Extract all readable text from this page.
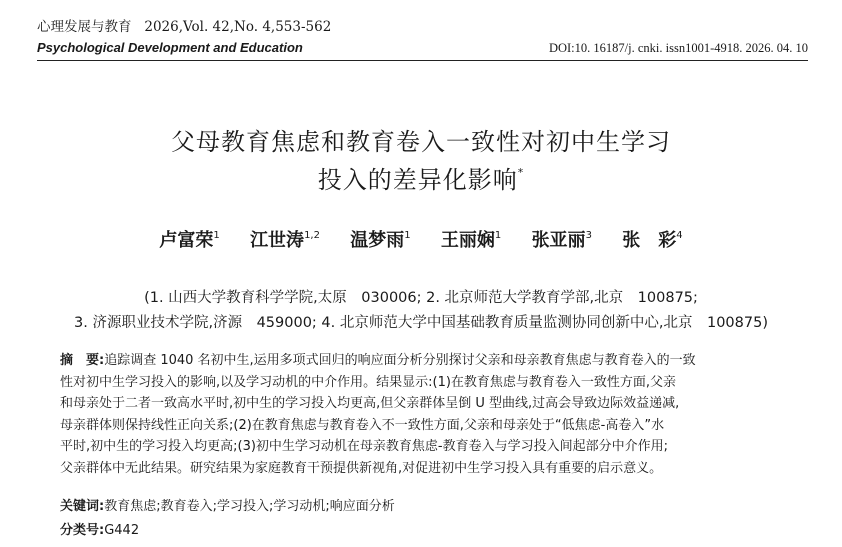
心理发展与教育 2026,Vol. 42,No. 4,553-562
Psychological Development and Education	DOI:10. 16187/j. cnki. issn1001-4918. 2026. 04. 10
父母教育焦虑和教育卷入一致性对初中生学习
投入的差异化影响*
卢富荣$^1$ 江世涛$^{1,2}$ 温梦雨$^1$ 王丽娴$^1$ 张亚丽$^3$ 张　彩$^4$
(1. 山西大学教育科学学院,太原　030006; 2. 北京师范大学教育学部,北京　100875;
3. 济源职业技术学院,济源　459000; 4. 北京师范大学中国基础教育质量监测协同创新中心,北京　100875)
摘　要:追踪调查 1040 名初中生,运用多项式回归的响应面分析分别探讨父亲和母亲教育焦虑与教育卷入的一致
性对初中生学习投入的影响,以及学习动机的中介作用。结果显示:(1)在教育焦虑与教育卷入一致性方面,父亲
和母亲处于二者一致高水平时,初中生的学习投入均更高,但父亲群体呈倒 U 型曲线,过高会导致边际效益递减,
母亲群体则保持线性正向关系;(2)在教育焦虑与教育卷入不一致性方面,父亲和母亲处于“低焦虑-高卷入”水
平时,初中生的学习投入均更高;(3)初中生学习动机在母亲教育焦虑-教育卷入与学习投入间起部分中介作用;
父亲群体中无此结果。研究结果为家庭教育干预提供新视角,对促进初中生学习投入具有重要的启示意义。
关键词:教育焦虑;教育卷入;学习投入;学习动机;响应面分析
分类号:G442
